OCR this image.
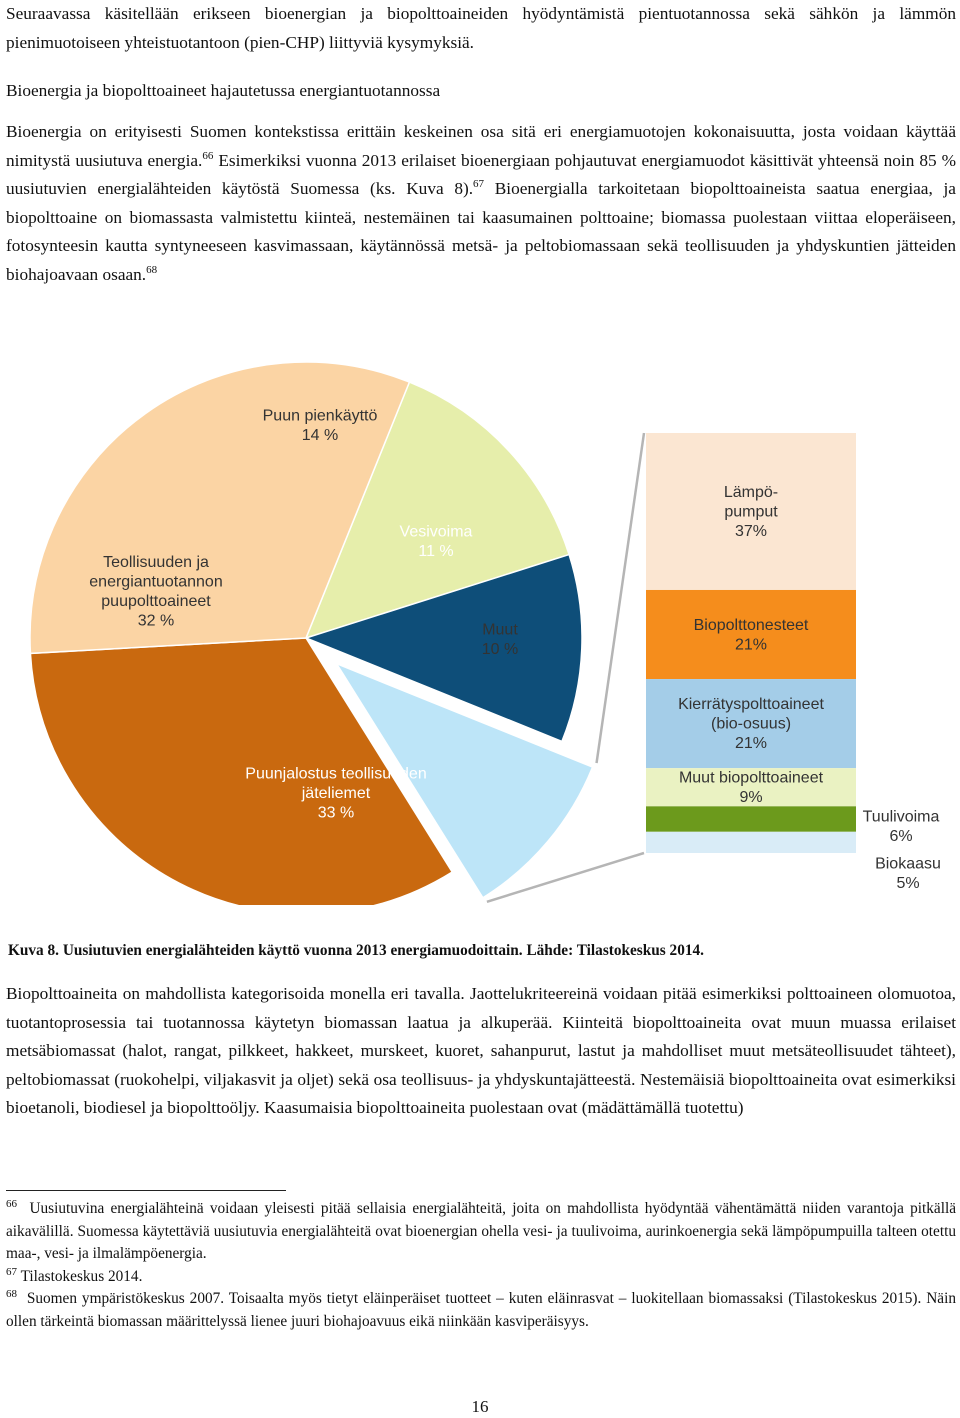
Seuraavassa käsitellään erikseen bioenergian ja biopolttoaineiden hyödyntämistä pientuotannossa sekä sähkön ja lämmön pienimuotoiseen yhteistuotantoon (pien-CHP) liittyviä kysymyksiä.

Bioenergia ja biopolttoaineet hajautetussa energiantuotannossa

Bioenergia on erityisesti Suomen kontekstissa erittäin keskeinen osa sitä eri energiamuotojen kokonaisuutta, josta voidaan käyttää nimitystä uusiutuva energia.$^{66}$ Esimerkiksi vuonna 2013 erilaiset bioenergiaan pohjautuvat energiamuodot käsittivät yhteensä noin 85 % uusiutuvien energialähteiden käytöstä Suomessa (ks. Kuva 8).$^{67}$ Bioenergialla tarkoitetaan biopolttoaineista saatua energiaa, ja biopolttoaine on biomassasta valmistettu kiinteä, nestemäinen tai kaasumainen polttoaine; biomassa puolestaan viittaa eloperäiseen, fotosynteesin kautta syntyneeseen kasvimassaan, käytännössä metsä- ja peltobiomassaan sekä teollisuuden ja yhdyskuntien jätteiden biohajoavaan osaan.$^{68}$

Puun pienkäyttö 14 %
Vesivoima 11 %
Muut 10 %
Puunjalostus teollisuuden jäteliemet 33 %
Teollisuuden ja energiantuotannon puupolttoaineet 32 %
Lämpö-pumput 37%
Biopolttonesteet 21%
Kierrätyspolttoaineet (bio-osuus) 21%
Muut biopolttoaineet 9%
Tuulivoima 6%
Biokaasu 5%

Kuva 8. Uusiutuvien energialähteiden käyttö vuonna 2013 energiamuodoittain. Lähde: Tilastokeskus 2014.

Biopolttoaineita on mahdollista kategorisoida monella eri tavalla. Jaottelukriteereinä voidaan pitää esimerkiksi polttoaineen olomuotoa, tuotantoprosessia tai tuotannossa käytetyn biomassan laatua ja alkuperää. Kiinteitä biopolttoaineita ovat muun muassa erilaiset metsäbiomassat (halot, rangat, pilkkeet, hakkeet, murskeet, kuoret, sahanpurut, lastut ja mahdolliset muut metsäteollisuudet tähteet), peltobiomassat (ruokohelpi, viljakasvit ja oljet) sekä osa teollisuus- ja yhdyskuntajätteestä. Nestemäisiä biopolttoaineita ovat esimerkiksi bioetanoli, biodiesel ja biopolttoöljy. Kaasumaisia biopolttoaineita puolestaan ovat (mädättämällä tuotettu)

$^{66}$ Uusiutuvina energialähteinä voidaan yleisesti pitää sellaisia energialähteitä, joita on mahdollista hyödyntää vähentämättä niiden varantoja pitkällä aikavälillä. Suomessa käytettäviä uusiutuvia energialähteitä ovat bioenergian ohella vesi- ja tuulivoima, aurinkoenergia sekä lämpöpumpuilla talteen otettu maa-, vesi- ja ilmalämpöenergia.

$^{67}$ Tilastokeskus 2014.

$^{68}$ Suomen ympäristökeskus 2007. Toisaalta myös tietyt eläinperäiset tuotteet – kuten eläinrasvat – luokitellaan biomassaksi (Tilastokeskus 2015). Näin ollen tärkeintä biomassan määrittelyssä lienee juuri biohajoavuus eikä niinkään kasviperäisyys.

16
